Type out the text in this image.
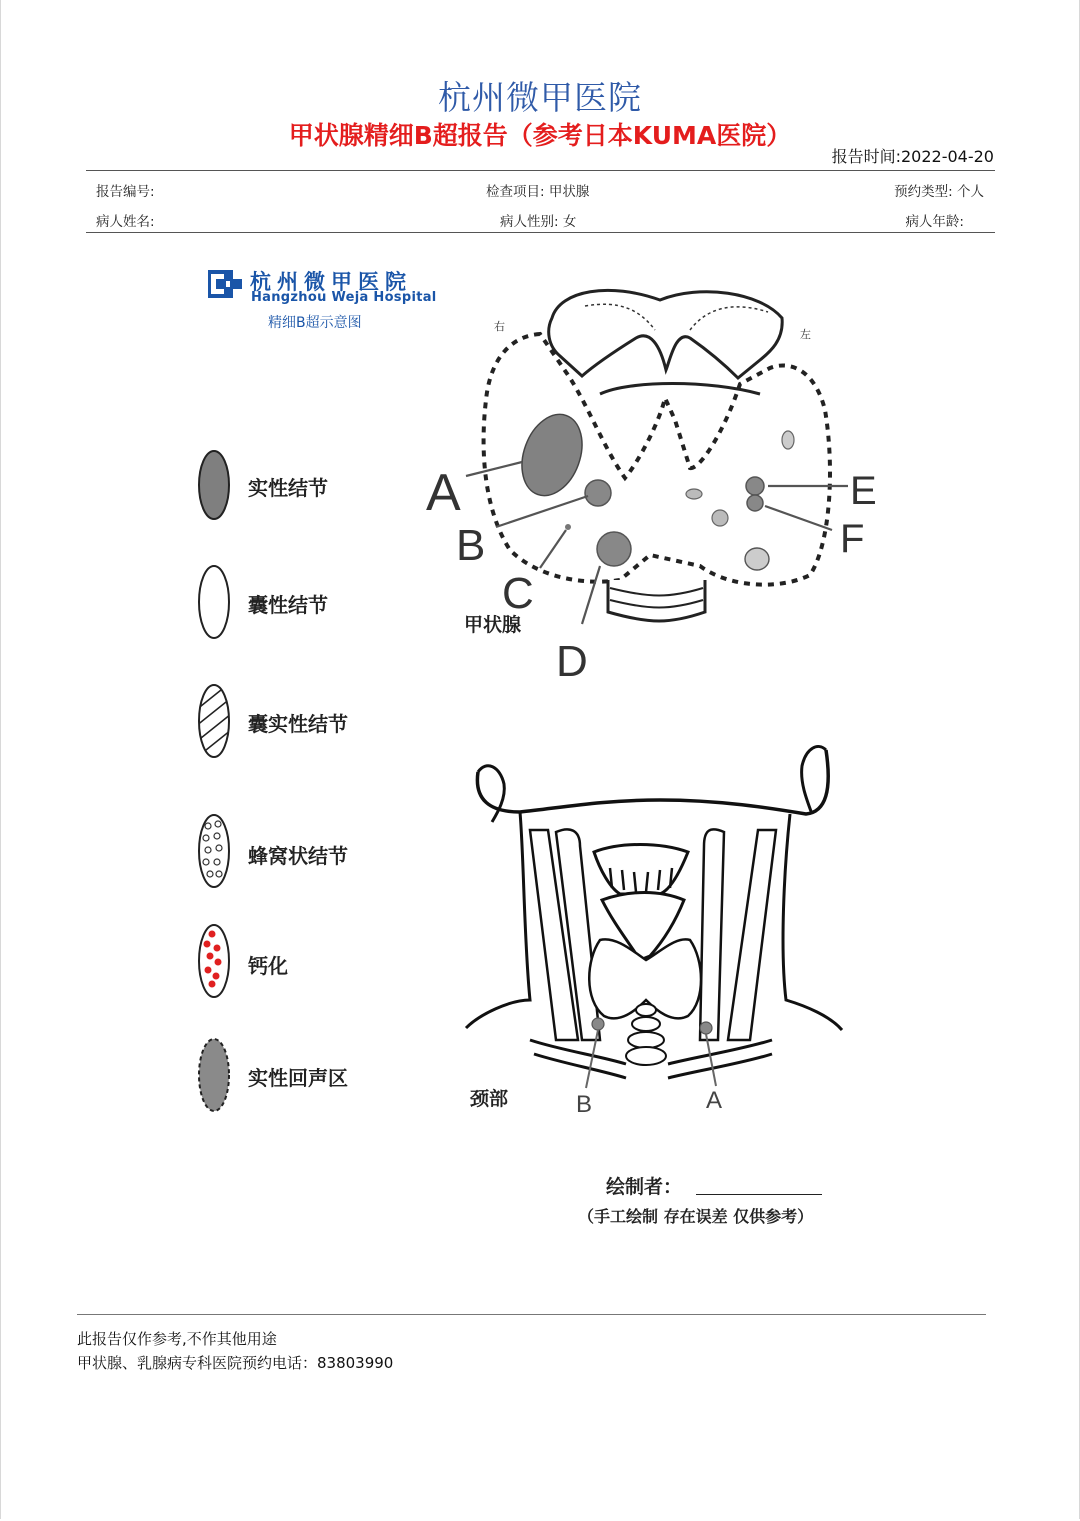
杭州微甲医院
甲状腺精细B超报告（参考日本KUMA医院）
报告时间:2022-04-20
报告编号:	检查项目: 甲状腺	预约类型: 个人
病人姓名:	病人性别: 女	病人年龄:
杭州微甲医院
Hangzhou Weja Hospital
精细B超示意图
实性结节
囊性结节
囊实性结节
蜂窝状结节
钙化
实性回声区
A
B
C
D
E
F
右
左
甲状腺
B	A
颈部
绘制者：
（手工绘制 存在误差 仅供参考）
此报告仅作参考,不作其他用途
甲状腺、乳腺病专科医院预约电话：83803990
